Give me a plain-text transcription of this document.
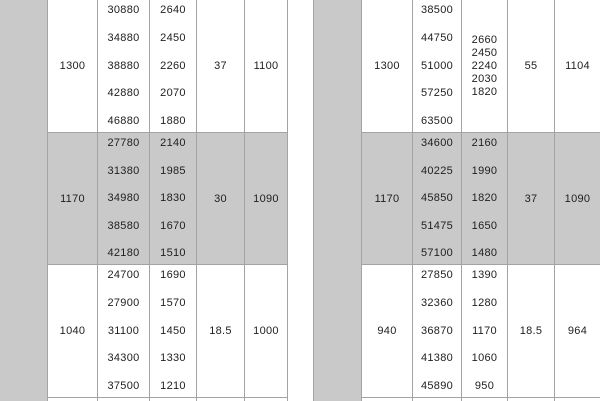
1300
1170
1040
30880
34880
38880
42880
46880
27780
31380
34980
38580
42180
24700
27900
31100
34300
37500
2640
2450
2260
2070
1880
2140
1985
1830
1670
1510
1690
1570
1450
1330
1210
37
30
18.5
1100
1090
1000
1300
1170
940
38500
44750
51000
57250
63500
34600
40225
45850
51475
57100
27850
32360
36870
41380
45890
2660
2450
2240
2030
1820
2160
1990
1820
1650
1480
1390
1280
1170
1060
950
55
37
18.5
1104
1090
964
